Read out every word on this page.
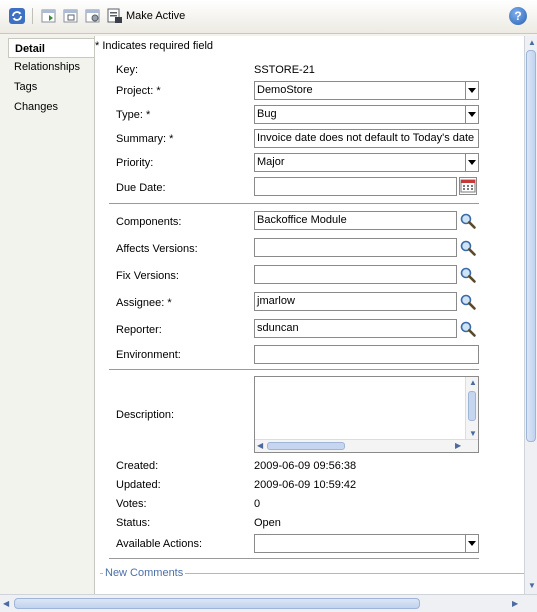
Make Active	?
Detail
Relationships
Tags
Changes
* Indicates required field
Key:	SSTORE-21
Project: *	DemoStore
Type: *	Bug
Summary: *	Invoice date does not default to Today's date
Priority:	Major
Due Date:
Components:	Backoffice Module
Affects Versions:
Fix Versions:
Assignee: *	jmarlow
Reporter:	sduncan
Environment:
Description:
▲
▼
◀	▶
Created:	2009-06-09 09:56:38
Updated:	2009-06-09 10:59:42
Votes:	0
Status:	Open
Available Actions:
New Comments
▲
▼
◀	▶
